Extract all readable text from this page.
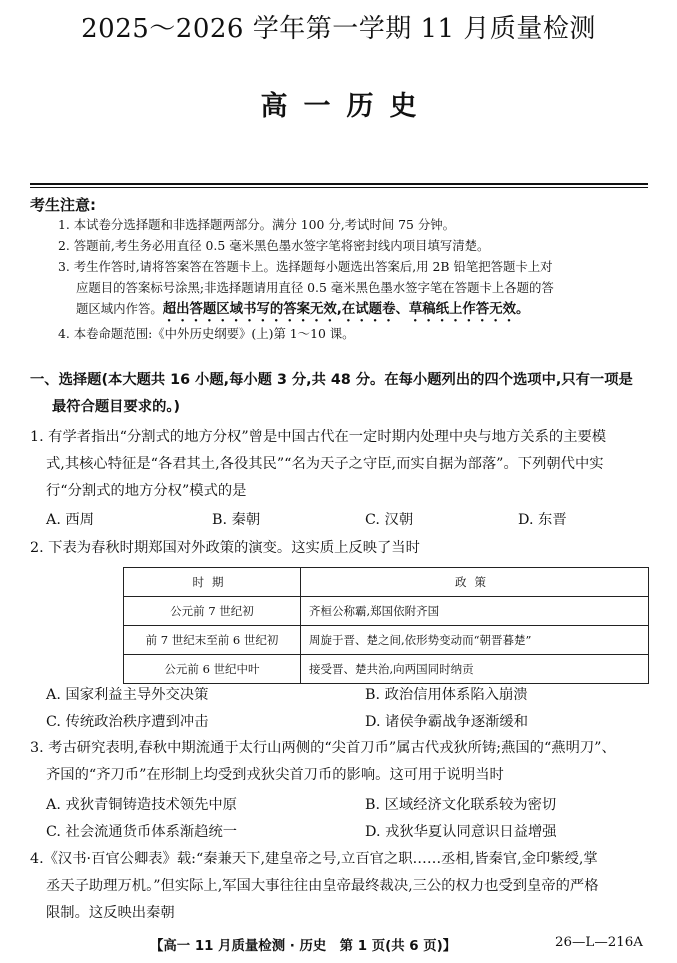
2025～2026 学年第一学期 11 月质量检测
高一历史
考生注意:
1. 本试卷分选择题和非选择题两部分。满分 100 分,考试时间 75 分钟。
2. 答题前,考生务必用直径 0.5 毫米黑色墨水签字笔将密封线内项目填写清楚。
3. 考生作答时,请将答案答在答题卡上。选择题每小题选出答案后,用 2B 铅笔把答题卡上对
应题目的答案标号涂黑;非选择题请用直径 0.5 毫米黑色墨水签字笔在答题卡上各题的答
题区域内作答。超出答题区域书写的答案无效,在试题卷、草稿纸上作答无效。
4. 本卷命题范围:《中外历史纲要》(上)第 1～10 课。
一、选择题(本大题共 16 小题,每小题 3 分,共 48 分。在每小题列出的四个选项中,只有一项是
最符合题目要求的。)
1. 有学者指出“分割式的地方分权”曾是中国古代在一定时期内处理中央与地方关系的主要模
式,其核心特征是“各君其土,各役其民”“名为天子之守臣,而实自据为部落”。下列朝代中实
行“分割式的地方分权”模式的是
A. 西周	B. 秦朝	C. 汉朝	D. 东晋
2. 下表为春秋时期郑国对外政策的演变。这实质上反映了当时
时期	政策
公元前 7 世纪初	齐桓公称霸,郑国依附齐国
前 7 世纪末至前 6 世纪初	周旋于晋、楚之间,依形势变动而“朝晋暮楚”
公元前 6 世纪中叶	接受晋、楚共治,向两国同时纳贡
A. 国家利益主导外交决策	B. 政治信用体系陷入崩溃
C. 传统政治秩序遭到冲击	D. 诸侯争霸战争逐渐缓和
3. 考古研究表明,春秋中期流通于太行山两侧的“尖首刀币”属古代戎狄所铸;燕国的“燕明刀”、
齐国的“齐刀币”在形制上均受到戎狄尖首刀币的影响。这可用于说明当时
A. 戎狄青铜铸造技术领先中原	B. 区域经济文化联系较为密切
C. 社会流通货币体系渐趋统一	D. 戎狄华夏认同意识日益增强
4.《汉书·百官公卿表》载:“秦兼天下,建皇帝之号,立百官之职……丞相,皆秦官,金印紫绶,掌
丞天子助理万机。”但实际上,军国大事往往由皇帝最终裁决,三公的权力也受到皇帝的严格
限制。这反映出秦朝
【高一 11 月质量检测 · 历史　第 1 页(共 6 页)】	26—L—216A
